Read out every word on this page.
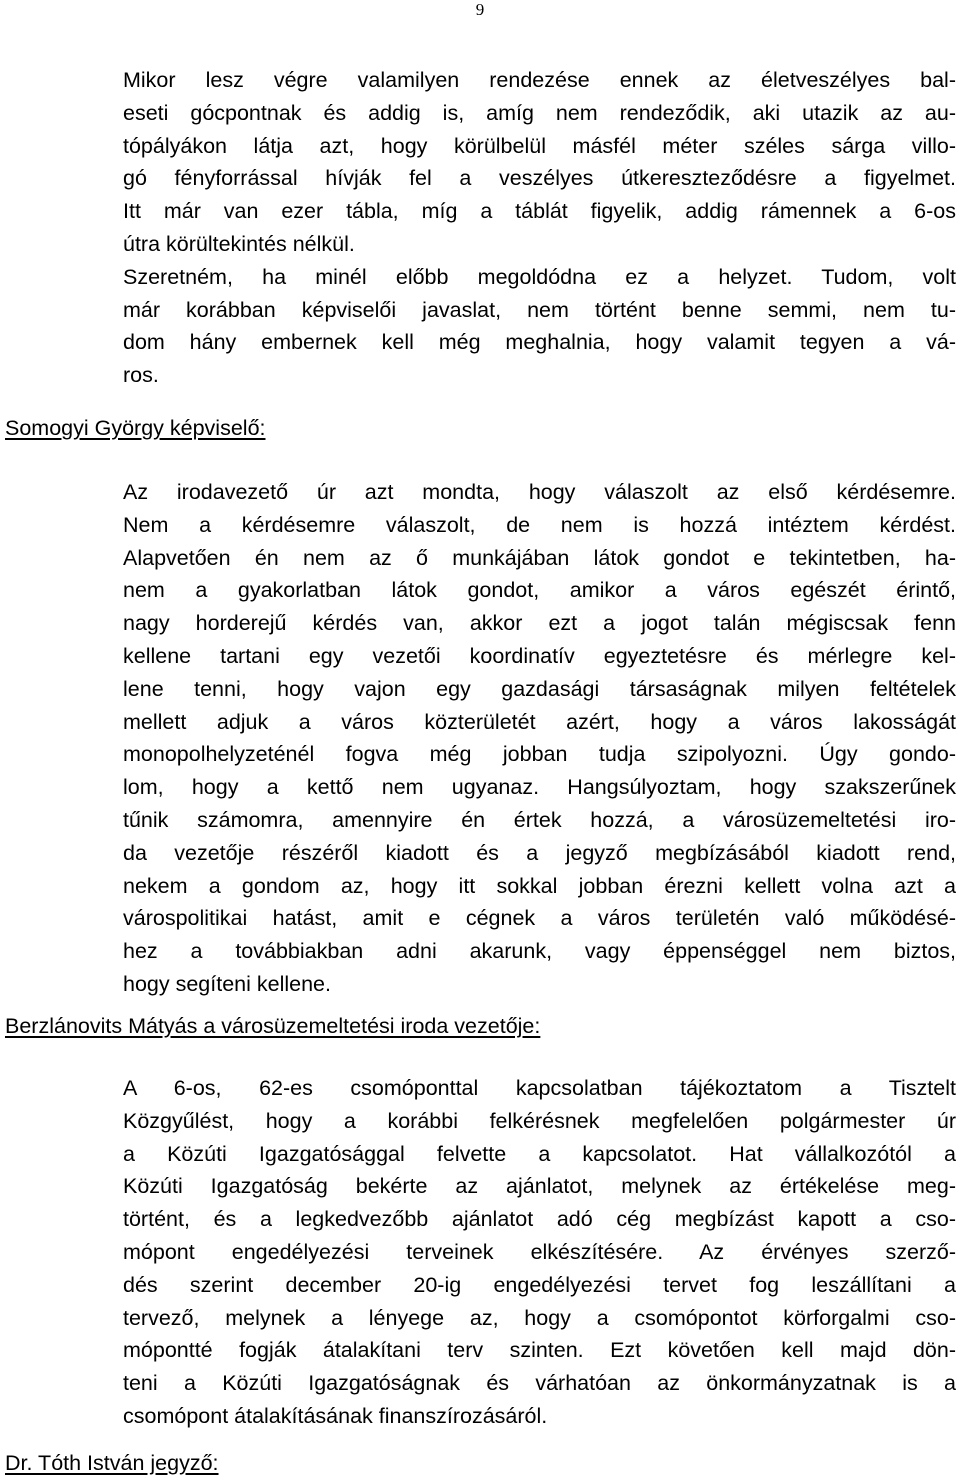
9
Mikor lesz végre valamilyen rendezése ennek az életveszélyes bal-
eseti gócpontnak és addig is, amíg nem rendeződik, aki utazik az au-
tópályákon látja azt, hogy körülbelül másfél méter széles sárga villo-
gó fényforrással hívják fel a veszélyes útkereszteződésre a figyelmet.
Itt már van ezer tábla, míg a táblát figyelik, addig rámennek a 6-os
útra körültekintés nélkül.
Szeretném, ha minél előbb megoldódna ez a helyzet. Tudom, volt
már korábban képviselői javaslat, nem történt benne semmi, nem tu-
dom hány embernek kell még meghalnia, hogy valamit tegyen a vá-
ros.
Somogyi György képviselő:
Az irodavezető úr azt mondta, hogy válaszolt az első kérdésemre.
Nem a kérdésemre válaszolt, de nem is hozzá intéztem kérdést.
Alapvetően én nem az ő munkájában látok gondot e tekintetben, ha-
nem a gyakorlatban látok gondot, amikor a város egészét érintő,
nagy horderejű kérdés van, akkor ezt a jogot talán mégiscsak fenn
kellene tartani egy vezetői koordinatív egyeztetésre és mérlegre kel-
lene tenni, hogy vajon egy gazdasági társaságnak milyen feltételek
mellett adjuk a város közterületét azért, hogy a város lakosságát
monopolhelyzeténél fogva még jobban tudja szipolyozni. Úgy gondo-
lom, hogy a kettő nem ugyanaz. Hangsúlyoztam, hogy szakszerűnek
tűnik számomra, amennyire én értek hozzá, a városüzemeltetési iro-
da vezetője részéről kiadott és a jegyző megbízásából kiadott rend,
nekem a gondom az, hogy itt sokkal jobban érezni kellett volna azt a
várospolitikai hatást, amit e cégnek a város területén való működésé-
hez a továbbiakban adni akarunk, vagy éppenséggel nem biztos,
hogy segíteni kellene.
Berzlánovits Mátyás a városüzemeltetési iroda vezetője:
A 6-os, 62-es csomóponttal kapcsolatban tájékoztatom a Tisztelt
Közgyűlést, hogy a korábbi felkérésnek megfelelően polgármester úr
a Közúti Igazgatósággal felvette a kapcsolatot. Hat vállalkozótól a
Közúti Igazgatóság bekérte az ajánlatot, melynek az értékelése meg-
történt, és a legkedvezőbb ajánlatot adó cég megbízást kapott a cso-
mópont engedélyezési terveinek elkészítésére. Az érvényes szerző-
dés szerint december 20-ig engedélyezési tervet fog leszállítani a
tervező, melynek a lényege az, hogy a csomópontot körforgalmi cso-
mópontté fogják átalakítani terv szinten. Ezt követően kell majd dön-
teni a Közúti Igazgatóságnak és várhatóan az önkormányzatnak is a
csomópont átalakításának finanszírozásáról.
Dr. Tóth István jegyző:
